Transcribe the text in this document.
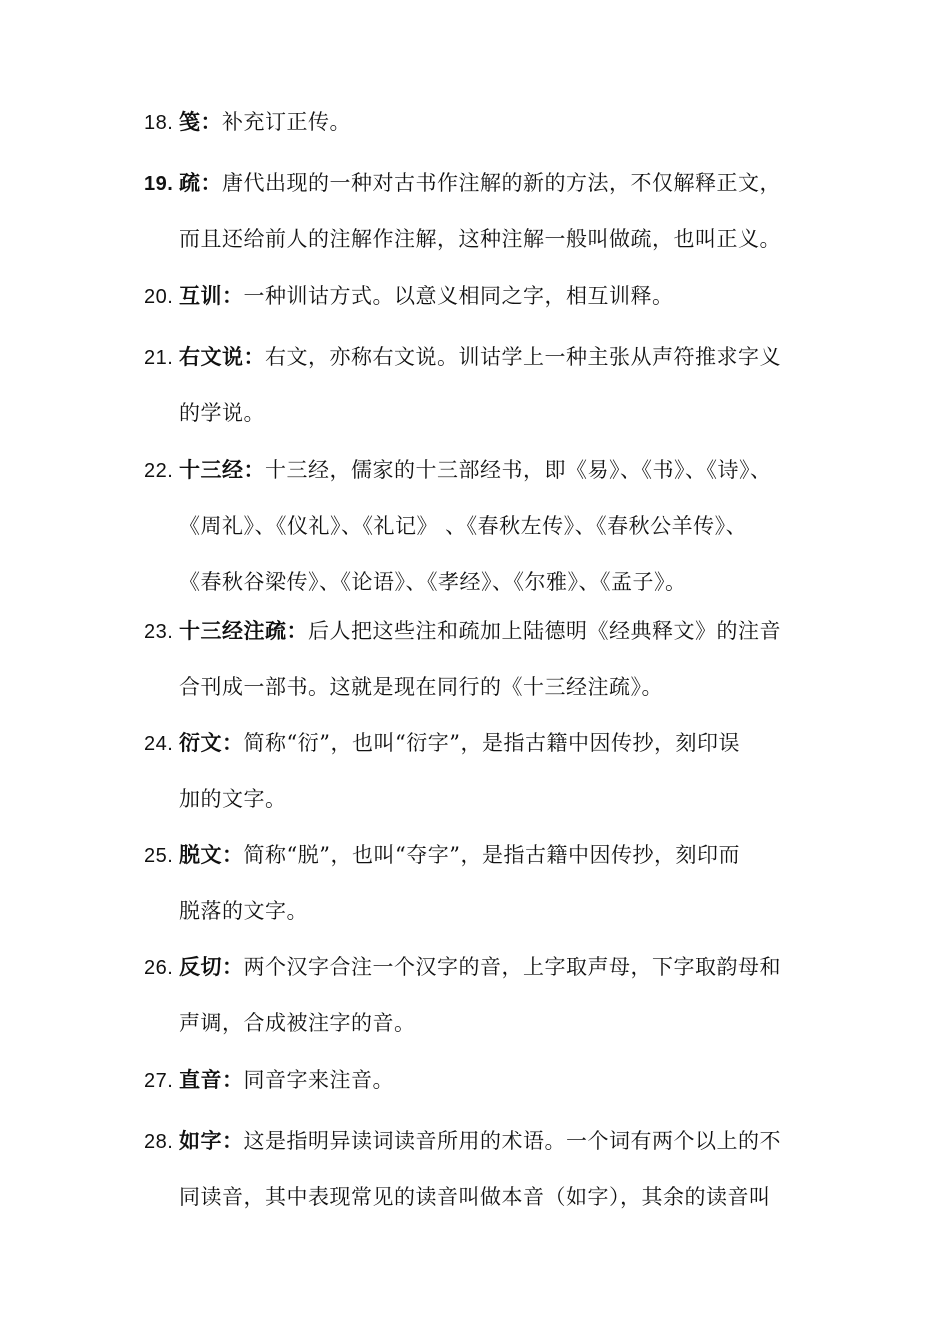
18. 笺：补充订正传。
19. 疏：唐代出现的一种对古书作注解的新的方法，不仅解释正文，
而且还给前人的注解作注解，这种注解一般叫做疏，也叫正义。
20. 互训：一种训诂方式。以意义相同之字，相互训释。
21. 右文说：右文，亦称右文说。训诂学上一种主张从声符推求字义
的学说。
22. 十三经：十三经，儒家的十三部经书，即《易》、《书》、《诗》、
《周礼》、《仪礼》、《礼记》 、《春秋左传》、《春秋公羊传》、
《春秋谷梁传》、《论语》、《孝经》、《尔雅》、《孟子》。
23. 十三经注疏：后人把这些注和疏加上陆德明《经典释文》的注音
合刊成一部书。这就是现在同行的《十三经注疏》。
24. 衍文：简称“衍”，也叫“衍字”，是指古籍中因传抄，刻印误
加的文字。
25. 脱文：简称“脱”，也叫“夺字”，是指古籍中因传抄，刻印而
脱落的文字。
26. 反切：两个汉字合注一个汉字的音，上字取声母，下字取韵母和
声调，合成被注字的音。
27. 直音：同音字来注音。
28. 如字：这是指明异读词读音所用的术语。一个词有两个以上的不
同读音，其中表现常见的读音叫做本音（如字），其余的读音叫
